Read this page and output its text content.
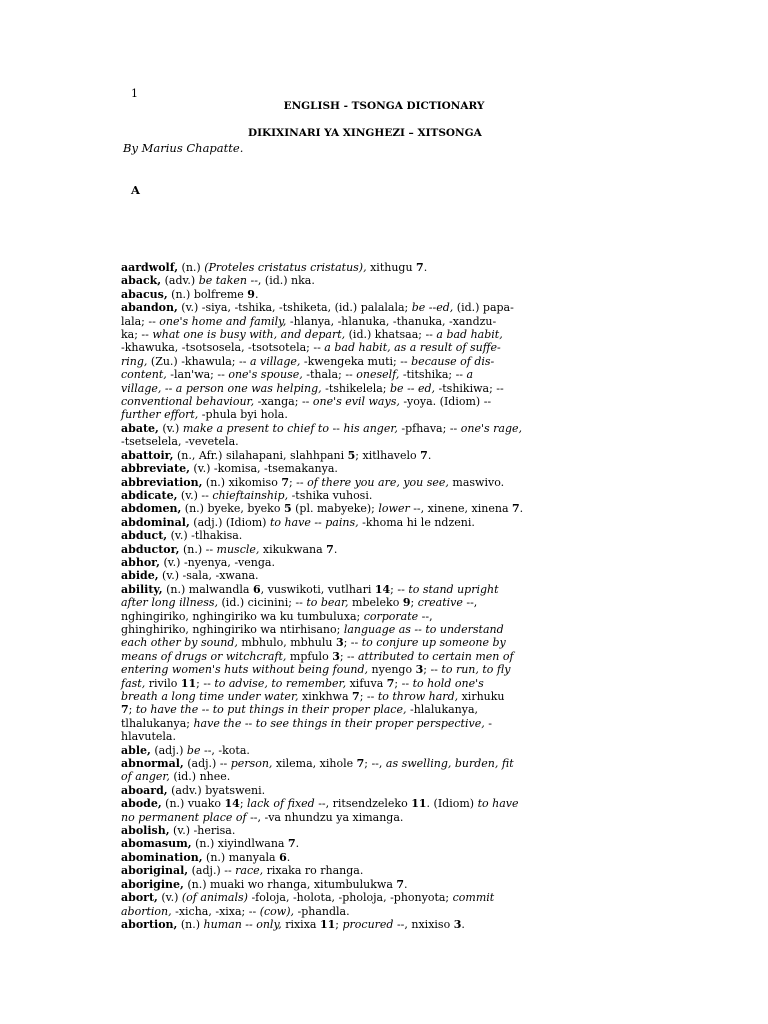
1
ENGLISH - TSONGA DICTIONARY
DIKIXINARI YA XINGHEZI – XITSONGA
By Marius Chapatte.
A
aardwolf, (n.) (Proteles cristatus cristatus), xithugu 7.
aback, (adv.) be taken --, (id.) nka.
abacus, (n.) bolfreme 9.
abandon, (v.) -siya, -tshika, -tshiketa, (id.) palalala; be --ed, (id.) papa-
lala; -- one's home and family, -hlanya, -hlanuka, -thanuka, -xandzu-
ka; -- what one is busy with, and depart, (id.) khatsaa; -- a bad habit,
-khawuka, -tsotsosela, -tsotsotela; -- a bad habit, as a result of suffe-
ring, (Zu.) -khawula; -- a village, -kwengeka muti; -- because of dis-
content, -lan'wa; -- one's spouse, -thala; -- oneself, -titshika; -- a
village, -- a person one was helping, -tshikelela; be -- ed, -tshikiwa; --
conventional behaviour, -xanga; -- one's evil ways, -yoya. (Idiom) --
further effort, -phula byi hola.
abate, (v.) make a present to chief to -- his anger, -pfhava; -- one's rage,
-tsetselela, -vevetela.
abattoir, (n., Afr.) silahapani, slahhpani 5; xitlhavelo 7.
abbreviate, (v.) -komisa, -tsemakanya.
abbreviation, (n.) xikomiso 7; -- of there you are, you see, maswivo.
abdicate, (v.) -- chieftainship, -tshika vuhosi.
abdomen, (n.) byeke, byeko 5 (pl. mabyeke); lower --, xinene, xinena 7.
abdominal, (adj.) (Idiom) to have -- pains, -khoma hi le ndzeni.
abduct, (v.) -tlhakisa.
abductor, (n.) -- muscle, xikukwana 7.
abhor, (v.) -nyenya, -venga.
abide, (v.) -sala, -xwana.
ability, (n.) malwandla 6, vuswikoti, vutlhari 14; -- to stand upright
after long illness, (id.) cicinini; -- to bear, mbeleko 9; creative --,
nghingiriko, nghingiriko wa ku tumbuluxa; corporate --,
ghinghiriko, nghingiriko wa ntirhisano; language as -- to understand
each other by sound, mbhulo, mbhulu 3; -- to conjure up someone by
means of drugs or witchcraft, mpfulo 3; -- attributed to certain men of
entering women's huts without being found, nyengo 3; -- to run, to fly
fast, rivilo 11; -- to advise, to remember, xifuva 7; -- to hold one's
breath a long time under water, xinkhwa 7; -- to throw hard, xirhuku
7; to have the -- to put things in their proper place, -hlalukanya,
tlhalukanya; have the -- to see things in their proper perspective, -
hlavutela.
able, (adj.) be --, -kota.
abnormal, (adj.) -- person, xilema, xihole 7; --, as swelling, burden, fit
of anger, (id.) nhee.
aboard, (adv.) byatsweni.
abode, (n.) vuako 14; lack of fixed --, ritsendzeleko 11. (Idiom) to have
no permanent place of --, -va nhundzu ya ximanga.
abolish, (v.) -herisa.
abomasum, (n.) xiyindlwana 7.
abomination, (n.) manyala 6.
aboriginal, (adj.) -- race, rixaka ro rhanga.
aborigine, (n.) muaki wo rhanga, xitumbulukwa 7.
abort, (v.) (of animals) -foloja, -holota, -pholoja, -phonyota; commit
abortion, -xicha, -xixa; -- (cow), -phandla.
abortion, (n.) human -- only, rixixa 11; procured --, nxixiso 3.
